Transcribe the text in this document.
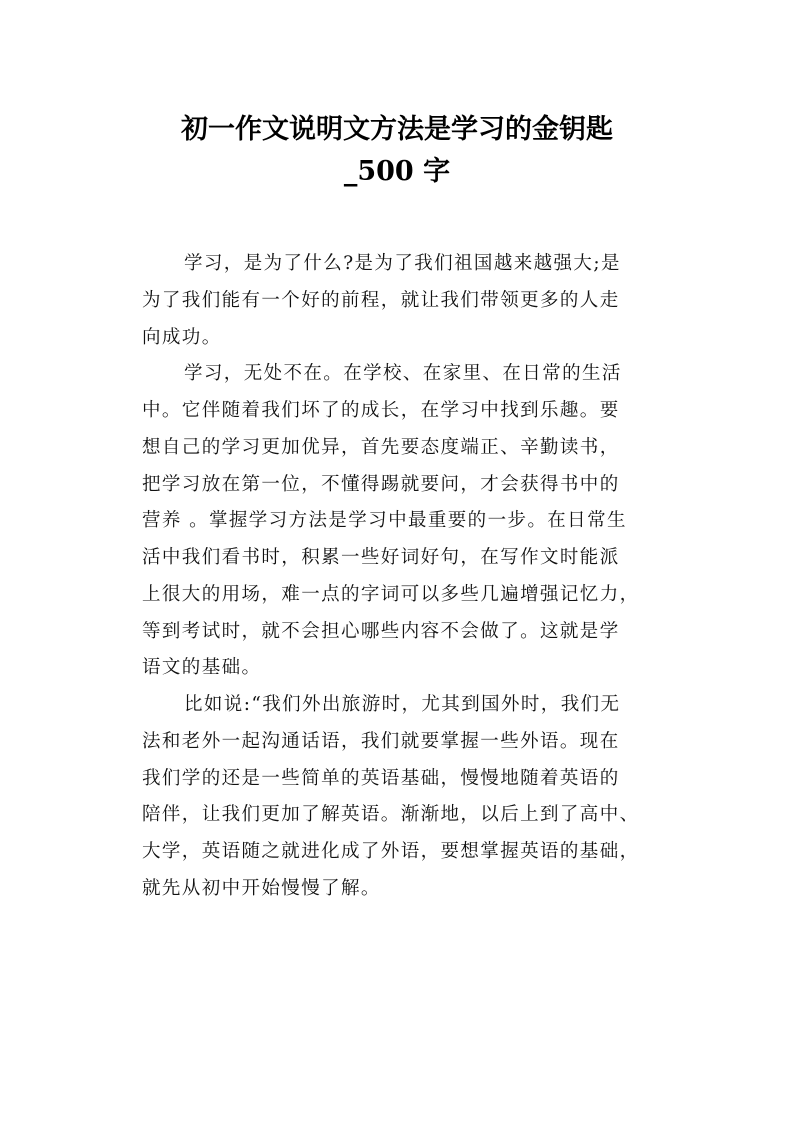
初一作文说明文方法是学习的金钥匙
_500 字
学习，是为了什么?是为了我们祖国越来越强大;是
为了我们能有一个好的前程，就让我们带领更多的人走
向成功。
学习，无处不在。在学校、在家里、在日常的生活
中。它伴随着我们坏了的成长，在学习中找到乐趣。要
想自己的学习更加优异，首先要态度端正、辛勤读书，
把学习放在第一位，不懂得踢就要问，才会获得书中的
营养 。掌握学习方法是学习中最重要的一步。在日常生
活中我们看书时，积累一些好词好句，在写作文时能派
上很大的用场，难一点的字词可以多些几遍增强记忆力，
等到考试时，就不会担心哪些内容不会做了。这就是学
语文的基础。
比如说:“我们外出旅游时，尤其到国外时，我们无
法和老外一起沟通话语，我们就要掌握一些外语。现在
我们学的还是一些简单的英语基础，慢慢地随着英语的
陪伴，让我们更加了解英语。渐渐地，以后上到了高中、
大学，英语随之就进化成了外语，要想掌握英语的基础，
就先从初中开始慢慢了解。
